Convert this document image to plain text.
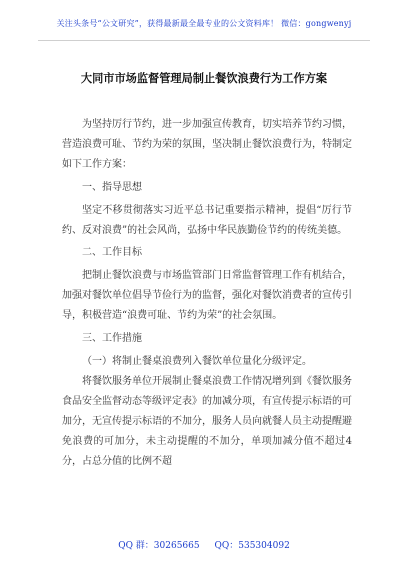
关注头条号“公文研究”，获得最新最全最专业的公文资料库！ 微信：gongwenyj
大同市市场监督管理局制止餐饮浪费行为工作方案

为坚持厉行节约，进一步加强宣传教育，切实培养节约习惯，营造浪费可耻、节约为荣的氛围，坚决制止餐饮浪费行为，特制定如下工作方案：

一、指导思想

坚定不移贯彻落实习近平总书记重要指示精神，提倡“厉行节约、反对浪费”的社会风尚，弘扬中华民族勤俭节约的传统美德。

二、工作目标

把制止餐饮浪费与市场监管部门日常监督管理工作有机结合，加强对餐饮单位倡导节俭行为的监督，强化对餐饮消费者的宣传引导，积极营造“浪费可耻、节约为荣”的社会氛围。

三、工作措施

（一）将制止餐桌浪费列入餐饮单位量化分级评定。

将餐饮服务单位开展制止餐桌浪费工作情况增列到《餐饮服务食品安全监督动态等级评定表》的加减分项，有宣传提示标语的可加分，无宣传提示标语的不加分，服务人员向就餐人员主动提醒避免浪费的可加分，未主动提醒的不加分，单项加减分值不超过4分，占总分值的比例不超

QQ 群：30265665 QQ：535304092
